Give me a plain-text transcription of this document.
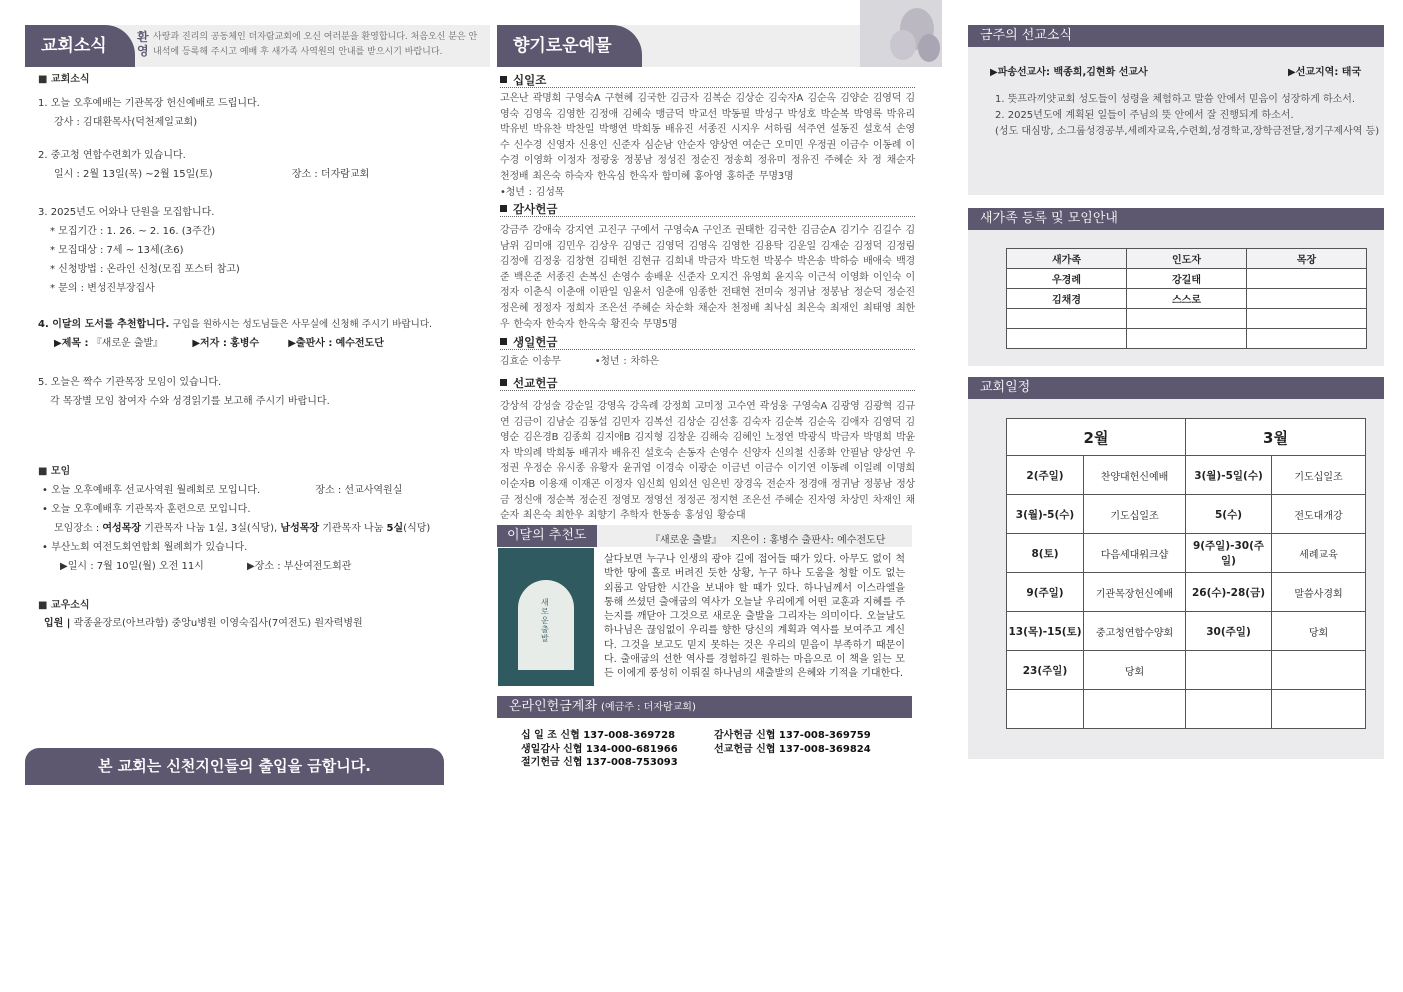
교회소식	환영
사랑과 진리의 공동체인 더자람교회에 오신 여러분을 환영합니다. 처음오신 분은 안내석에 등록해 주시고 예배 후 새가족 사역원의 안내를 받으시기 바랍니다.
■ 교회소식
1. 오늘 오후예배는 기관목장 헌신예배로 드립니다.
강사 : 김대환목사(덕천제일교회)
2. 중고청 연합수련회가 있습니다.
일시 : 2월 13일(목) ~2월 15일(토)	장소 : 더자람교회
3. 2025년도 어와나 단원을 모집합니다.
* 모집기간 : 1. 26. ~ 2. 16. (3주간)
* 모집대상 : 7세 ~ 13세(초6)
* 신청방법 : 온라인 신청(모집 포스터 참고)
* 문의 : 변성진부장집사
4. 이달의 도서를 추천합니다. 구입을 원하시는 성도님들은 사무실에 신청해 주시기 바랍니다.
▶제목 : 『새로운 출발』	▶저자 : 홍병수	▶출판사 : 예수전도단
5. 오늘은 짝수 기관목장 모임이 있습니다.
각 목장별 모임 참여자 수와 성경읽기를 보고해 주시기 바랍니다.
■ 모임
• 오늘 오후예배후 선교사역원 월례회로 모입니다.	장소 : 선교사역원실
• 오늘 오후예배후 기관목자 훈련으로 모입니다.
모임장소 : 여성목장 기관목자 나눔 1실, 3실(식당), 남성목장 기관목자 나눔 5실(식당)
• 부산노회 여전도회연합회 월례회가 있습니다.
▶일시 : 7월 10일(월) 오전 11시	▶장소 : 부산여전도회관
■ 교우소식
입원 | 곽종윤장로(아브라함) 중앙u병원 이영숙집사(7여전도) 원자력병원
본 교회는 신천지인들의 출입을 금합니다.
향기로운예물
십일조
고은난 곽명희 구영숙A 구현혜 김국한 김금자 김복순 김상순 김숙자A 김순옥 김양순 김영덕 김영숙 김영옥 김영한 김정애 김혜숙 맹금덕 박교선 박동필 박성구 박성호 박순복 박영록 박유리 박유빈 박유찬 박찬일 박행연 박희동 배유진 서종진 시지우 서하림 석주연 설동진 설호석 손영수 신수경 신영자 신용인 신준자 심순남 안순자 양상연 여순근 오미민 우정권 이금수 이동례 이수경 이영화 이정자 정광웅 정봉남 정성진 정순진 정송희 정유미 정유진 주혜순 차 정 채순자 천정배 최은숙 하숙자 한옥심 한옥자 함미혜 홍아영 홍하준 무명3명
•청년 : 김성목
감사헌금
강금주 강애숙 강지연 고진구 구예서 구영숙A 구인조 권태한 김국한 김금순A 김기수 김길수 김남위 김미애 김민우 김상우 김영근 김영덕 김영옥 김영한 김용탁 김운일 김재순 김정덕 김정림 김정애 김정웅 김창현 김태헌 김현규 김희내 박금자 박도헌 박봉수 박은송 박하승 배애숙 백경준 백은준 서종진 손복신 손영수 송배운 신준자 오지건 유영희 윤지옥 이근석 이영화 이인숙 이정자 이춘식 이춘애 이판일 임윤서 임춘애 임종한 전태현 전미숙 정귀남 정봉남 정순덕 정순진 정은혜 정정자 정희자 조은선 주혜순 차순화 채순자 천정배 최낙심 최은숙 최재인 최태영 최한우 한숙자 한숙자 한옥숙 황진숙 무명5명
생일헌금
김효순 이송무	•청년 : 차하은
선교헌금
강상석 강성술 강순일 강영옥 강옥례 강정희 고미정 고수연 곽성웅 구영숙A 김광영 김광혁 김규연 김금이 김남순 김동섭 김민자 김복선 김상순 김선홍 김숙자 김순복 김순옥 김애자 김영덕 김영순 김은경B 김종희 김지애B 김지형 김창운 김해숙 김혜인 노정연 박광식 박금자 박명희 박윤자 박의례 박희동 배귀자 배유진 설호숙 손동자 손영수 신양자 신의철 신종화 안필남 양상연 우정권 우정순 유시종 유황자 윤귀엽 이경숙 이광순 이금년 이금수 이기연 이동례 이일례 이명희 이순자B 이용재 이재곤 이정자 임신희 임외선 임은빈 장경옥 전순자 정경애 정귀남 정봉남 정상금 정신애 정순복 정순진 정영모 정영선 정정곤 정지현 조은선 주혜순 진자영 차상민 차재인 채순자 최은숙 최한우 최향기 추학자 한동송 홍성임 황승대
이달의 추천도	『새로운 출발』 지은이 : 홍병수 출판사: 예수전도단
새로운 출발
살다보면 누구나 인생의 광야 길에 접어들 때가 있다. 아무도 없이 척박한 땅에 홀로 버려진 듯한 상황, 누구 하나 도움을 청할 이도 없는 외롭고 암담한 시간을 보내야 할 때가 있다. 하나님께서 이스라엘을 통해 쓰셨던 출애굽의 역사가 오늘날 우리에게 어떤 교훈과 지혜를 주는지를 깨닫아 그것으로 새로운 출발을 그리자는 의미이다. 오늘날도 하나님은 끊임없이 우리를 향한 당신의 계획과 역사를 보여주고 계신다. 그것을 보고도 믿지 못하는 것은 우리의 믿음이 부족하기 때문이다. 출애굽의 선한 역사를 경험하길 원하는 마음으로 이 책을 읽는 모든 이에게 풍성히 이뤄질 하나님의 새출발의 은혜와 기적을 기대한다.
온라인헌금계좌 (예금주 : 더자람교회)
십 일 조 신협 137-008-369728
생일감사 신협 134-000-681966
절기헌금 신협 137-008-753093
감사헌금 신협 137-008-369759
선교헌금 신협 137-008-369824
금주의 선교소식
▶파송선교사: 백종희,김현화 선교사	▶선교지역: 태국
1. 뜻프라끼얏교회 성도들이 성령을 체험하고 말씀 안에서 믿음이 성장하게 하소서.
2. 2025년도에 계획된 일들이 주님의 뜻 안에서 잘 진행되게 하소서.
(성도 대심방, 소그룹성경공부,세례자교육,수련회,성경학교,장학금전달,정기구제사역 등)
새가족 등록 및 모임안내
새가족	인도자	목장
우경례	강길태	
김채경	스스로	

교회일정
2월		3월	
2(주일)	찬양대헌신예배	3(월)-5일(수)	기도십일조
3(월)-5(수)	기도십일조	5(수)	전도대개강
8(토)	다음세대워크샵	9(주일)-30(주일)	세례교육
9(주일)	기관목장헌신예배	26(수)-28(금)	말씀사경회
13(목)-15(토)	중고청연합수양회	30(주일)	당회
23(주일)	당회		
